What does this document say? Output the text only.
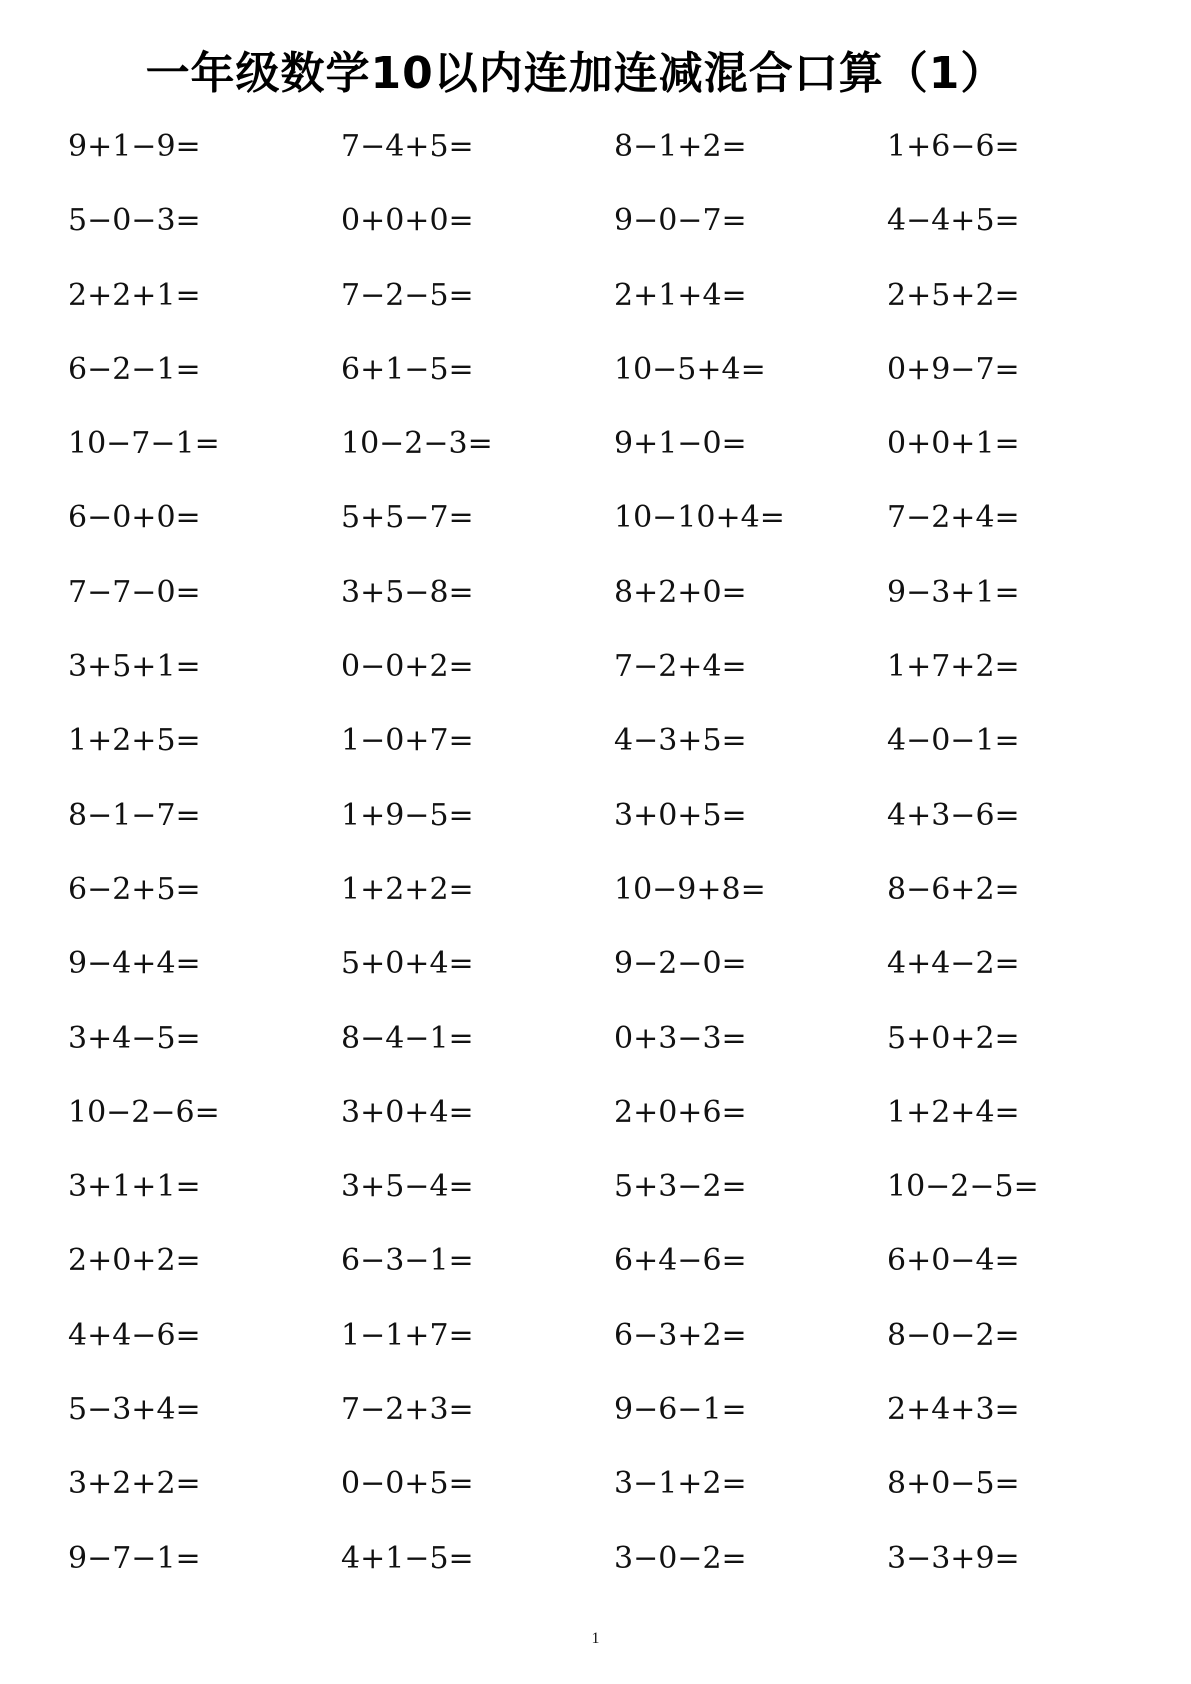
一年级数学10以内连加连减混合口算（1）
9+1−9=	7−4+5=	8−1+2=	1+6−6=
5−0−3=	0+0+0=	9−0−7=	4−4+5=
2+2+1=	7−2−5=	2+1+4=	2+5+2=
6−2−1=	6+1−5=	10−5+4=	0+9−7=
10−7−1=	10−2−3=	9+1−0=	0+0+1=
6−0+0=	5+5−7=	10−10+4=	7−2+4=
7−7−0=	3+5−8=	8+2+0=	9−3+1=
3+5+1=	0−0+2=	7−2+4=	1+7+2=
1+2+5=	1−0+7=	4−3+5=	4−0−1=
8−1−7=	1+9−5=	3+0+5=	4+3−6=
6−2+5=	1+2+2=	10−9+8=	8−6+2=
9−4+4=	5+0+4=	9−2−0=	4+4−2=
3+4−5=	8−4−1=	0+3−3=	5+0+2=
10−2−6=	3+0+4=	2+0+6=	1+2+4=
3+1+1=	3+5−4=	5+3−2=	10−2−5=
2+0+2=	6−3−1=	6+4−6=	6+0−4=
4+4−6=	1−1+7=	6−3+2=	8−0−2=
5−3+4=	7−2+3=	9−6−1=	2+4+3=
3+2+2=	0−0+5=	3−1+2=	8+0−5=
9−7−1=	4+1−5=	3−0−2=	3−3+9=
1
